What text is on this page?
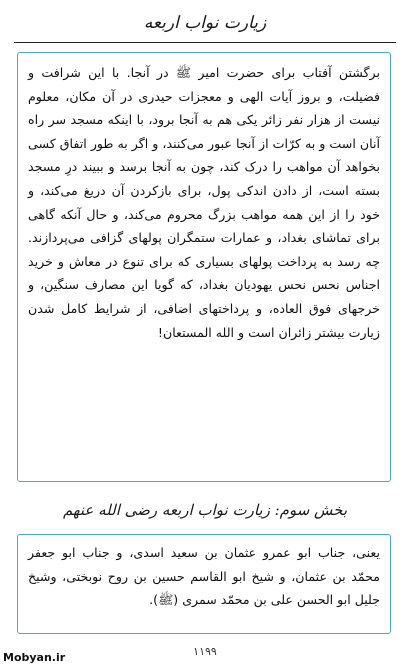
زیارت نواب اربعه

برگشتن آفتاب برای حضرت امیر ﷺ در آنجا. با این شرافت و فضیلت، و بروز آیات الهی و معجزات حیدری در آن مکان، معلوم نیست از هزار نفر زائر یکی هم به آنجا برود، با اینکه مسجد سر راه آنان است و به کرّات از آنجا عبور می‌کنند، و اگر به طور اتفاق کسی بخواهد آن مواهب را درک کند، چون به آنجا برسد و ببیند درِ مسجد بسته است، از دادن اندکی پول، برای بازکردن آن دریغ می‌کند، و خود را از این همه مواهب بزرگ محروم می‌کند، و حال آنکه گاهی برای تماشای بغداد، و عمارات ستمگران پولهای گزافی می‌پردازند. چه رسد به پرداخت پولهای بسیاری که برای تنوع در معاش و خرید اجناس نحس نحس یهودیان بغداد، که گویا این مصارف سنگین، و خرجهای فوق العاده، و پرداختهای اضافی، از شرایط کامل شدن زیارت بیشتر زائران است و الله المستعان!

بخش سوم: زیارت نواب اربعه رضی الله عنهم

یعنی، جناب ابو عمرو عثمان بن سعید اسدی، و جناب ابو جعفر محمّد بن عثمان، و شیخ ابو القاسم حسین بن روح نوبختی، وشیخ جلیل ابو الحسن علی بن محمّد سمری (ﷺ).

۱۱۹۹
Mobyan.ir
